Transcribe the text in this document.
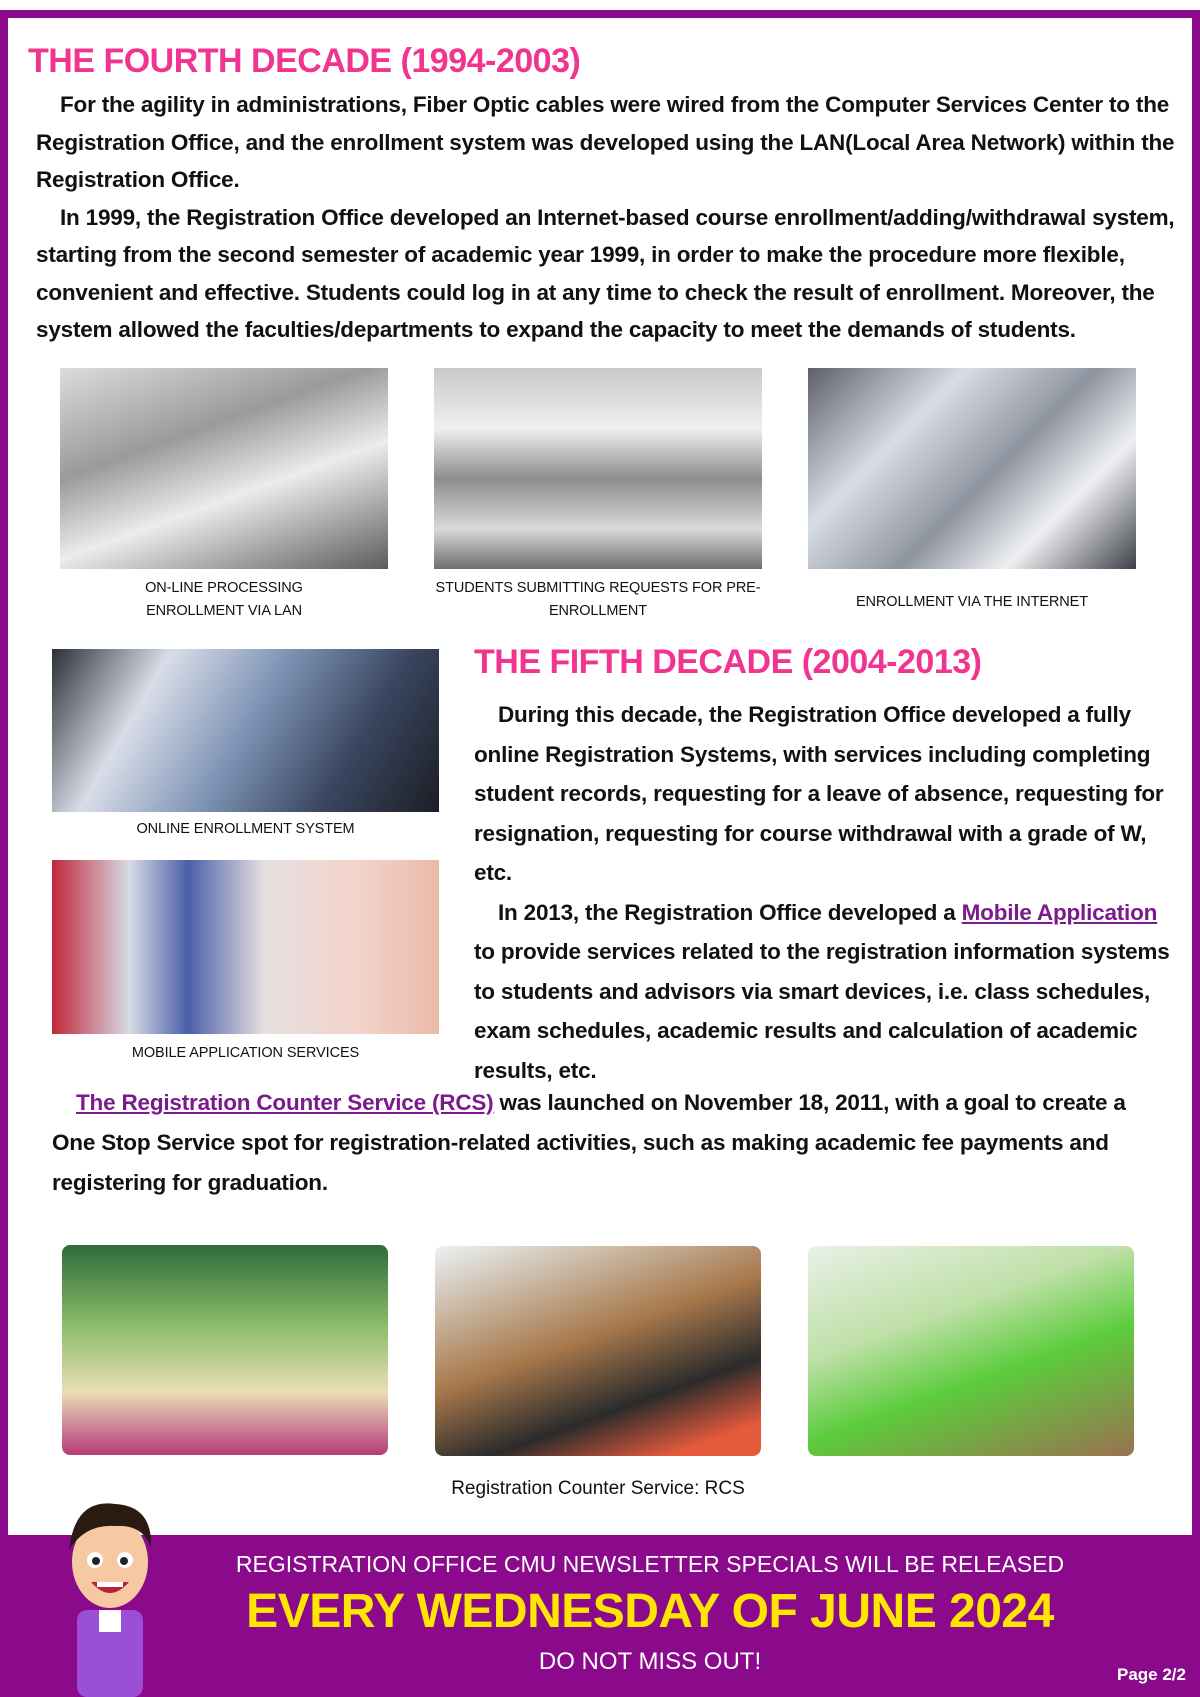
THE FOURTH DECADE (1994-2003)

For the agility in administrations, Fiber Optic cables were wired from the Computer Services Center to the Registration Office, and the enrollment system was developed using the LAN(Local Area Network) within the Registration Office.

In 1999, the Registration Office developed an Internet-based course enrollment/adding/withdrawal system, starting from the second semester of academic year 1999, in order to make the procedure more flexible, convenient and effective. Students could log in at any time to check the result of enrollment. Moreover, the system allowed the faculties/departments to expand the capacity to meet the demands of students.

ON-LINE PROCESSING
ENROLLMENT VIA LAN

STUDENTS SUBMITTING REQUESTS FOR PRE-ENROLLMENT

ENROLLMENT VIA THE INTERNET

ONLINE ENROLLMENT SYSTEM

MOBILE APPLICATION SERVICES

THE FIFTH DECADE (2004-2013)

During this decade, the Registration Office developed a fully online Registration Systems, with services including completing student records, requesting for a leave of absence, requesting for resignation, requesting for course withdrawal with a grade of W, etc.

In 2013, the Registration Office developed a Mobile Application to provide services related to the registration information systems to students and advisors via smart devices, i.e. class schedules, exam schedules, academic results and calculation of academic results, etc.

The Registration Counter Service (RCS) was launched on November 18, 2011, with a goal to create a One Stop Service spot for registration-related activities, such as making academic fee payments and registering for graduation.

Registration Counter Service: RCS

Page 2/2
REGISTRATION OFFICE CMU NEWSLETTER SPECIALS WILL BE RELEASED
EVERY WEDNESDAY OF JUNE 2024
DO NOT MISS OUT!
